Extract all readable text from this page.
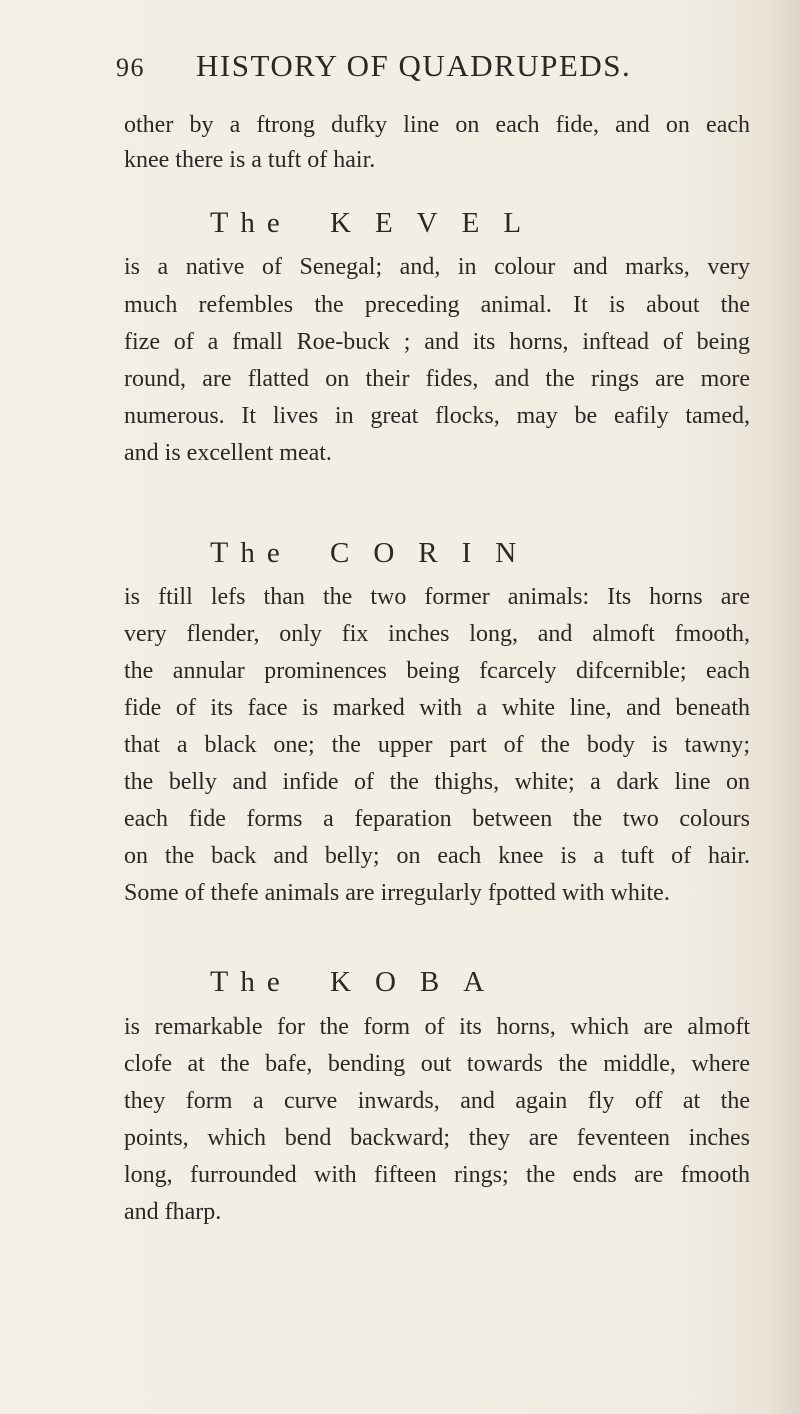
96 HISTORY OF QUADRUPEDS.

other by a ftrong dufky line on each fide, and on each

knee there is a tuft of hair.

The KEVEL

is a native of Senegal; and, in colour and marks, very

much refembles the preceding animal. It is about the

fize of a fmall Roe-buck ; and its horns, inftead of being

round, are flatted on their fides, and the rings are more

numerous. It lives in great flocks, may be eafily tamed,

and is excellent meat.

The CORIN

is ftill lefs than the two former animals: Its horns are

very flender, only fix inches long, and almoft fmooth,

the annular prominences being fcarcely difcernible; each

fide of its face is marked with a white line, and beneath

that a black one; the upper part of the body is tawny;

the belly and infide of the thighs, white; a dark line on

each fide forms a feparation between the two colours

on the back and belly; on each knee is a tuft of hair.

Some of thefe animals are irregularly fpotted with white.

The KOBA

is remarkable for the form of its horns, which are almoft

clofe at the bafe, bending out towards the middle, where

they form a curve inwards, and again fly off at the

points, which bend backward; they are feventeen inches

long, furrounded with fifteen rings; the ends are fmooth

and fharp.
